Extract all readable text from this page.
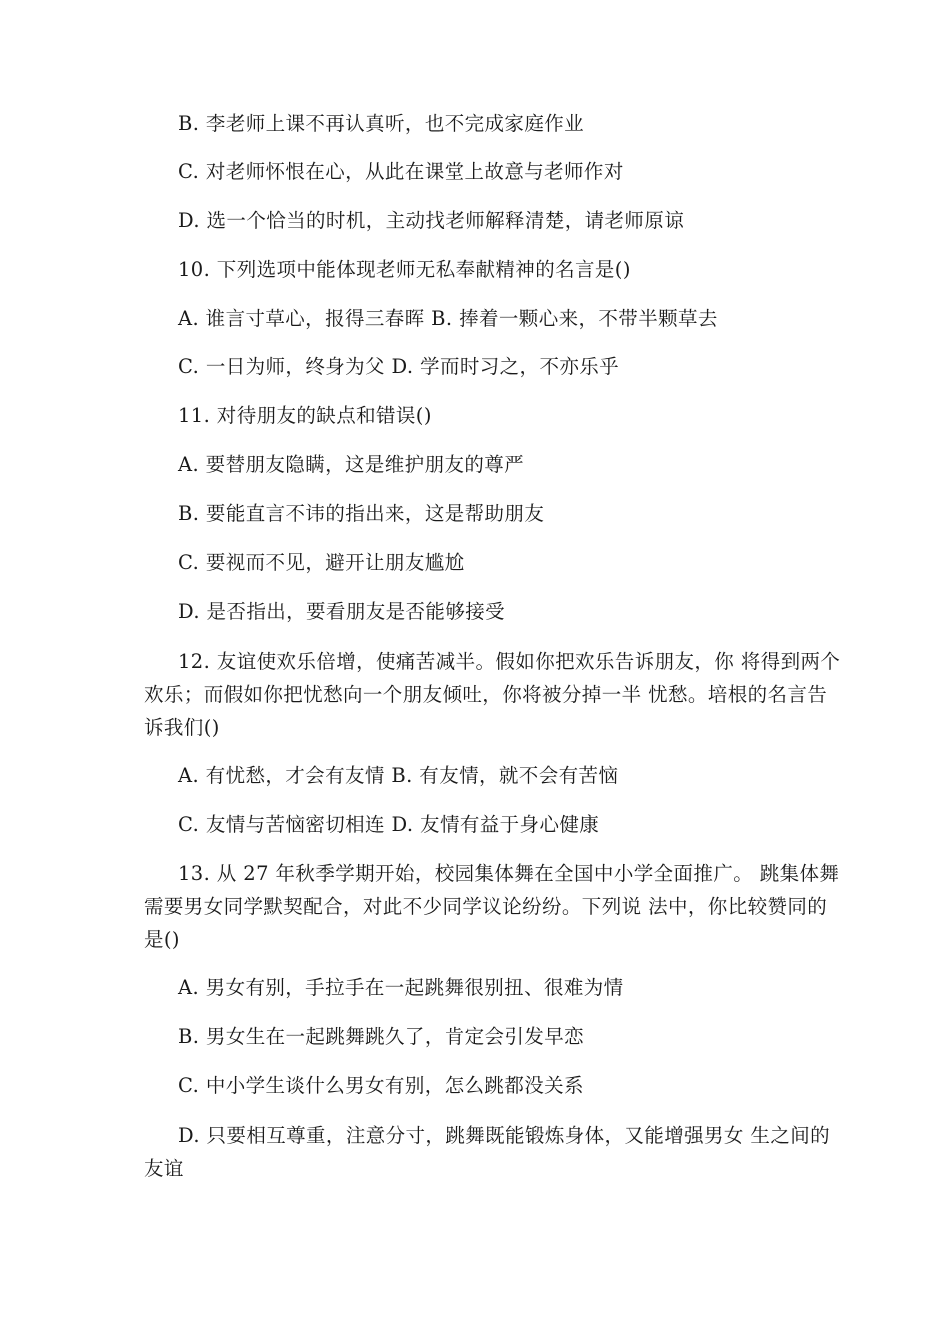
B. 李老师上课不再认真听，也不完成家庭作业
C. 对老师怀恨在心，从此在课堂上故意与老师作对
D. 选一个恰当的时机，主动找老师解释清楚，请老师原谅
10. 下列选项中能体现老师无私奉献精神的名言是()
A. 谁言寸草心，报得三春晖 B. 捧着一颗心来，不带半颗草去
C. 一日为师，终身为父 D. 学而时习之，不亦乐乎
11. 对待朋友的缺点和错误()
A. 要替朋友隐瞒，这是维护朋友的尊严
B. 要能直言不讳的指出来，这是帮助朋友
C. 要视而不见，避开让朋友尴尬
D. 是否指出，要看朋友是否能够接受
12. 友谊使欢乐倍增，使痛苦减半。假如你把欢乐告诉朋友，你 将得到两个欢乐；而假如你把忧愁向一个朋友倾吐，你将被分掉一半 忧愁。培根的名言告诉我们()
A. 有忧愁，才会有友情 B. 有友情，就不会有苦恼
C. 友情与苦恼密切相连 D. 友情有益于身心健康
13. 从 27 年秋季学期开始，校园集体舞在全国中小学全面推广。 跳集体舞需要男女同学默契配合，对此不少同学议论纷纷。下列说 法中，你比较赞同的是()
A. 男女有别，手拉手在一起跳舞很别扭、很难为情
B. 男女生在一起跳舞跳久了，肯定会引发早恋
C. 中小学生谈什么男女有别，怎么跳都没关系
D. 只要相互尊重，注意分寸，跳舞既能锻炼身体，又能增强男女 生之间的友谊
